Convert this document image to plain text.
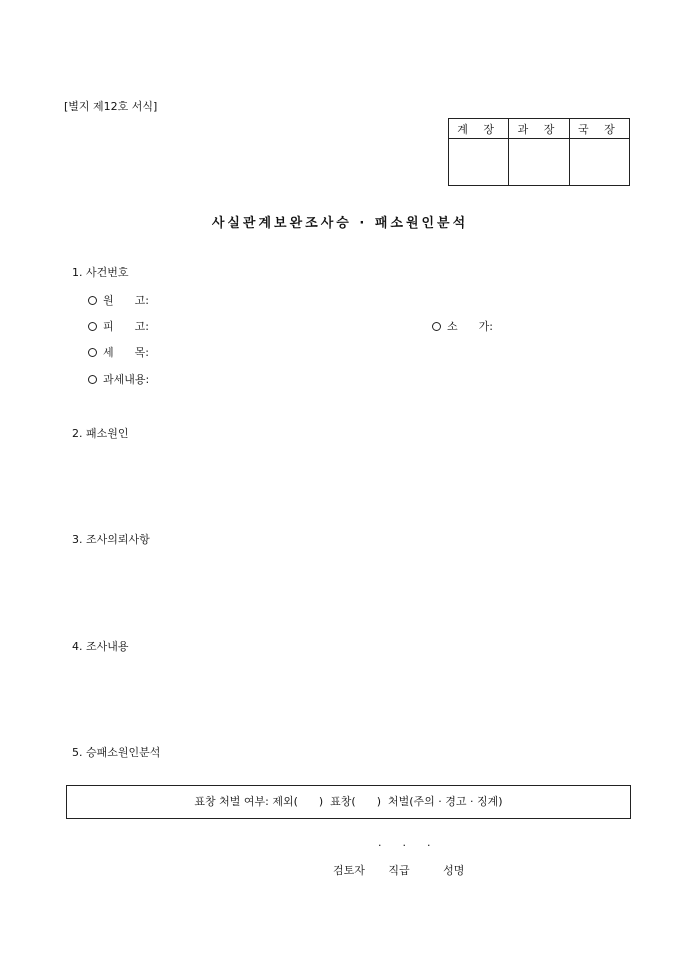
[별지 제12호 서식]
계 장	과 장	국 장

사실관계보완조사승 · 패소원인분석
1. 사건번호
원      고:
피      고:	소      가:
세      목:
과세내용:
2. 패소원인
3. 조사의뢰사항
4. 조사내용
5. 승패소원인분석
표창 처벌 여부: 제외(      )  표창(      )  처벌(주의 · 경고 · 징계)
.      .      .
검토자 직급	성명
